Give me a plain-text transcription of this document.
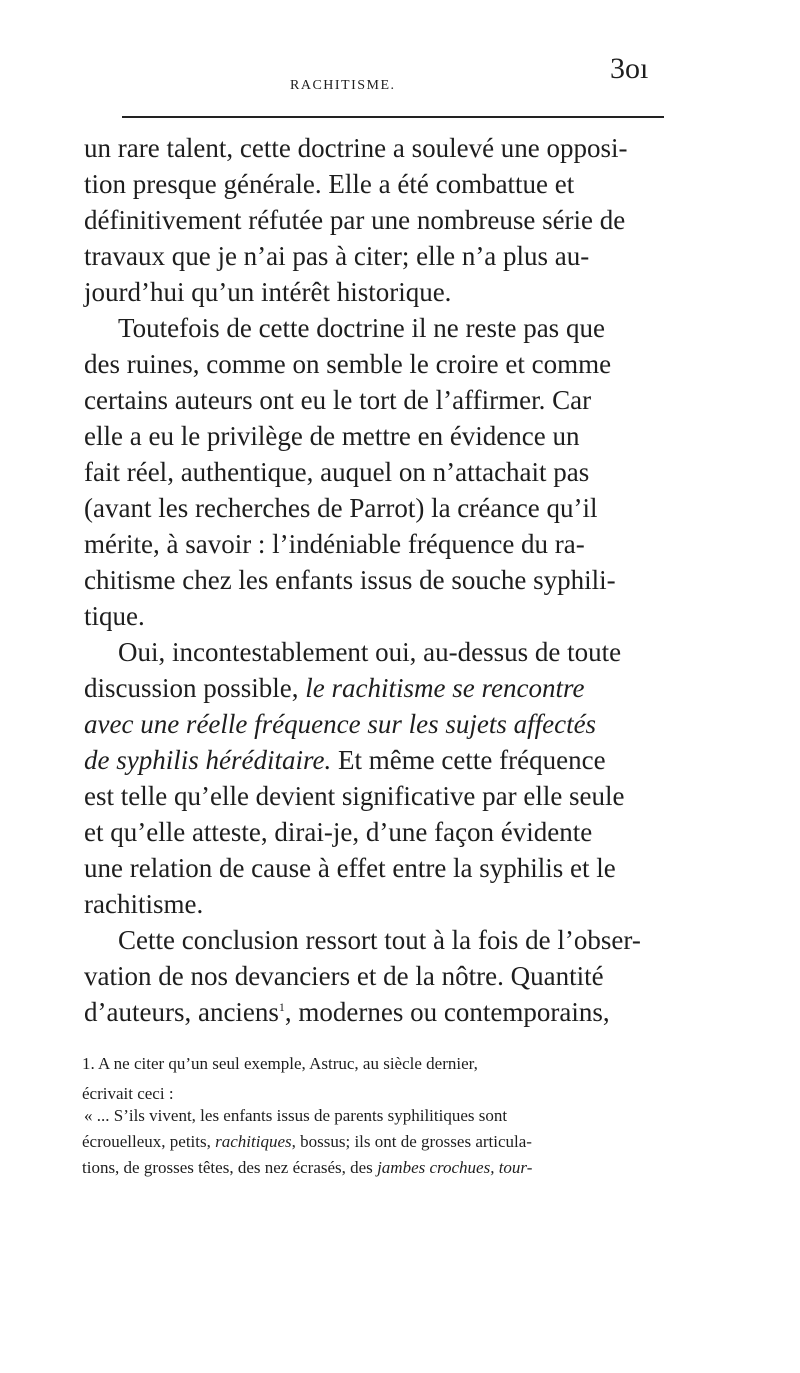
RACHITISME.
3oı
un rare talent, cette doctrine a soulevé une opposi-
tion presque générale. Elle a été combattue et
définitivement réfutée par une nombreuse série de
travaux que je n’ai pas à citer; elle n’a plus au-
jourd’hui qu’un intérêt historique.
Toutefois de cette doctrine il ne reste pas que
des ruines, comme on semble le croire et comme
certains auteurs ont eu le tort de l’affirmer. Car
elle a eu le privilège de mettre en évidence un
fait réel, authentique, auquel on n’attachait pas
(avant les recherches de Parrot) la créance qu’il
mérite, à savoir : l’indéniable fréquence du ra-
chitisme chez les enfants issus de souche syphili-
tique.
Oui, incontestablement oui, au-dessus de toute
discussion possible, le rachitisme se rencontre
avec une réelle fréquence sur les sujets affectés
de syphilis héréditaire. Et même cette fréquence
est telle qu’elle devient significative par elle seule
et qu’elle atteste, dirai-je, d’une façon évidente
une relation de cause à effet entre la syphilis et le
rachitisme.
Cette conclusion ressort tout à la fois de l’obser-
vation de nos devanciers et de la nôtre. Quantité
d’auteurs, anciens$^1$, modernes ou contemporains,
1. A ne citer qu’un seul exemple, Astruc, au siècle dernier,
écrivait ceci :
« ... S’ils vivent, les enfants issus de parents syphilitiques sont
écrouelleux, petits, rachitiques, bossus; ils ont de grosses articula-
tions, de grosses têtes, des nez écrasés, des jambes crochues, tour-
